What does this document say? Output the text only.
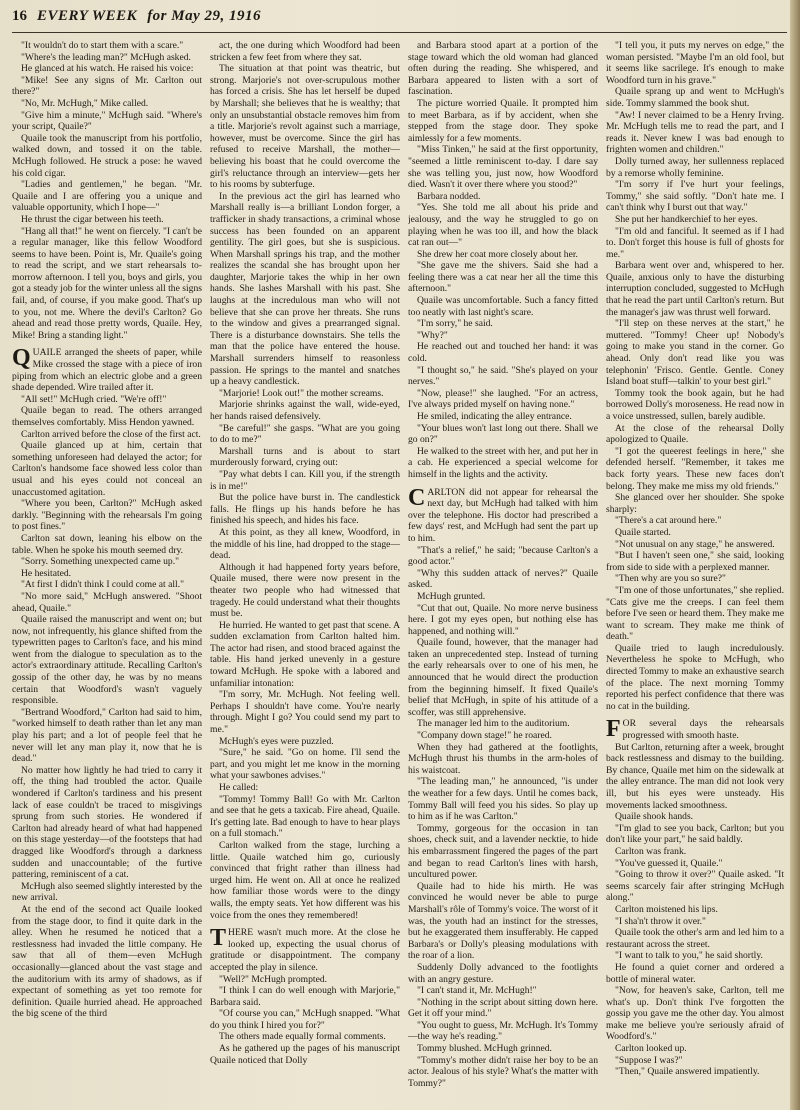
16 EVERY WEEK for May 29, 1916

"It wouldn't do to start them with a scare."

"Where's the leading man?" McHugh asked.

He glanced at his watch. He raised his voice:

"Mike! See any signs of Mr. Carlton out there?"

"No, Mr. McHugh," Mike called.

"Give him a minute," McHugh said. "Where's your script, Quaile?"

Quaile took the manuscript from his portfolio, walked down, and tossed it on the table. McHugh followed. He struck a pose: he waved his cold cigar.

"Ladies and gentlemen," he began. "Mr. Quaile and I are offering you a unique and valuable opportunity, which I hope—"

He thrust the cigar between his teeth.

"Hang all that!" he went on fiercely. "I can't be a regular manager, like this fellow Woodford seems to have been. Point is, Mr. Quaile's going to read the script, and we start rehearsals to-morrow afternoon. I tell you, boys and girls, you got a steady job for the winter unless all the signs fail, and, of course, if you make good. That's up to you, not me. Where the devil's Carlton? Go ahead and read those pretty words, Quaile. Hey, Mike! Bring a standing light."

QUAILE arranged the sheets of paper, while Mike crossed the stage with a piece of iron piping from which an electric globe and a green shade depended. Wire trailed after it.

"All set!" McHugh cried. "We're off!"

Quaile began to read. The others arranged themselves comfortably. Miss Hendon yawned.

Carlton arrived before the close of the first act.

Quaile glanced up at him, certain that something unforeseen had delayed the actor; for Carlton's handsome face showed less color than usual and his eyes could not conceal an unaccustomed agitation.

"Where you been, Carlton?" McHugh asked darkly. "Beginning with the rehearsals I'm going to post fines."

Carlton sat down, leaning his elbow on the table. When he spoke his mouth seemed dry.

"Sorry. Something unexpected came up."

He hesitated.

"At first I didn't think I could come at all."

"No more said," McHugh answered. "Shoot ahead, Quaile."

Quaile raised the manuscript and went on; but now, not infrequently, his glance shifted from the typewritten pages to Carlton's face, and his mind went from the dialogue to speculation as to the actor's extraordinary attitude. Recalling Carlton's gossip of the other day, he was by no means certain that Woodford's wasn't vaguely responsible.

"Bertrand Woodford," Carlton had said to him, "worked himself to death rather than let any man play his part; and a lot of people feel that he never will let any man play it, now that he is dead."

No matter how lightly he had tried to carry it off, the thing had troubled the actor. Quaile wondered if Carlton's tardiness and his present lack of ease couldn't be traced to misgivings sprung from such stories. He wondered if Carlton had already heard of what had happened on this stage yesterday—of the footsteps that had dragged like Woodford's through a darkness sudden and unaccountable; of the furtive pattering, reminiscent of a cat.

McHugh also seemed slightly interested by the new arrival.

At the end of the second act Quaile looked from the stage door, to find it quite dark in the alley. When he resumed he noticed that a restlessness had invaded the little company. He saw that all of them—even McHugh occasionally—glanced about the vast stage and the auditorium with its army of shadows, as if expectant of something as yet too remote for definition. Quaile hurried ahead. He approached the big scene of the third

act, the one during which Woodford had been stricken a few feet from where they sat.

The situation at that point was theatric, but strong. Marjorie's not over-scrupulous mother has forced a crisis. She has let herself be duped by Marshall; she believes that he is wealthy; that only an unsubstantial obstacle removes him from a title. Marjorie's revolt against such a marriage, however, must be overcome. Since the girl has refused to receive Marshall, the mother—believing his boast that he could overcome the girl's reluctance through an interview—gets her to his rooms by subterfuge.

In the previous act the girl has learned who Marshall really is—a brilliant London forger, a trafficker in shady transactions, a criminal whose success has been founded on an apparent gentility. The girl goes, but she is suspicious. When Marshall springs his trap, and the mother realizes the scandal she has brought upon her daughter, Marjorie takes the whip in her own hands. She lashes Marshall with his past. She laughs at the incredulous man who will not believe that she can prove her threats. She runs to the window and gives a prearranged signal. There is a disturbance downstairs. She tells the man that the police have entered the house. Marshall surrenders himself to reasonless passion. He springs to the mantel and snatches up a heavy candlestick.

"Marjorie! Look out!" the mother screams.

Marjorie shrinks against the wall, wide-eyed, her hands raised defensively.

"Be careful!" she gasps. "What are you going to do to me?"

Marshall turns and is about to start murderously forward, crying out:

"Pay what debts I can. Kill you, if the strength is in me!"

But the police have burst in. The candlestick falls. He flings up his hands before he has finished his speech, and hides his face.

At this point, as they all knew, Woodford, in the middle of his line, had dropped to the stage—dead.

Although it had happened forty years before, Quaile mused, there were now present in the theater two people who had witnessed that tragedy. He could understand what their thoughts must be.

He hurried. He wanted to get past that scene. A sudden exclamation from Carlton halted him. The actor had risen, and stood braced against the table. His hand jerked unevenly in a gesture toward McHugh. He spoke with a labored and unfamiliar intonation:

"I'm sorry, Mr. McHugh. Not feeling well. Perhaps I shouldn't have come. You're nearly through. Might I go? You could send my part to me."

McHugh's eyes were puzzled.

"Sure," he said. "Go on home. I'll send the part, and you might let me know in the morning what your sawbones advises."

He called:

"Tommy! Tommy Ball! Go with Mr. Carlton and see that he gets a taxicab. Fire ahead, Quaile. It's getting late. Bad enough to have to hear plays on a full stomach."

Carlton walked from the stage, lurching a little. Quaile watched him go, curiously convinced that fright rather than illness had urged him. He went on. All at once he realized how familiar those words were to the dingy walls, the empty seats. Yet how different was his voice from the ones they remembered!

THERE wasn't much more. At the close he looked up, expecting the usual chorus of gratitude or disappointment. The company accepted the play in silence.

"Well?" McHugh prompted.

"I think I can do well enough with Marjorie," Barbara said.

"Of course you can," McHugh snapped. "What do you think I hired you for?"

The others made equally formal comments.

As he gathered up the pages of his manuscript Quaile noticed that Dolly

and Barbara stood apart at a portion of the stage toward which the old woman had glanced often during the reading. She whispered, and Barbara appeared to listen with a sort of fascination.

The picture worried Quaile. It prompted him to meet Barbara, as if by accident, when she stepped from the stage door. They spoke aimlessly for a few moments.

"Miss Tinken," he said at the first opportunity, "seemed a little reminiscent to-day. I dare say she was telling you, just now, how Woodford died. Wasn't it over there where you stood?"

Barbara nodded.

"Yes. She told me all about his pride and jealousy, and the way he struggled to go on playing when he was too ill, and how the black cat ran out—"

She drew her coat more closely about her.

"She gave me the shivers. Said she had a feeling there was a cat near her all the time this afternoon."

Quaile was uncomfortable. Such a fancy fitted too neatly with last night's scare.

"I'm sorry," he said.

"Why?"

He reached out and touched her hand: it was cold.

"I thought so," he said. "She's played on your nerves."

"Now, please!" she laughed. "For an actress, I've always prided myself on having none."

He smiled, indicating the alley entrance.

"Your blues won't last long out there. Shall we go on?"

He walked to the street with her, and put her in a cab. He experienced a special welcome for himself in the lights and the activity.

CARLTON did not appear for rehearsal the next day, but McHugh had talked with him over the telephone. His doctor had prescribed a few days' rest, and McHugh had sent the part up to him.

"That's a relief," he said; "because Carlton's a good actor."

"Why this sudden attack of nerves?" Quaile asked.

McHugh grunted.

"Cut that out, Quaile. No more nerve business here. I got my eyes open, but nothing else has happened, and nothing will."

Quaile found, however, that the manager had taken an unprecedented step. Instead of turning the early rehearsals over to one of his men, he announced that he would direct the production from the beginning himself. It fixed Quaile's belief that McHugh, in spite of his attitude of a scoffer, was still apprehensive.

The manager led him to the auditorium.

"Company down stage!" he roared.

When they had gathered at the footlights, McHugh thrust his thumbs in the arm-holes of his waistcoat.

"The leading man," he announced, "is under the weather for a few days. Until he comes back, Tommy Ball will feed you his sides. So play up to him as if he was Carlton."

Tommy, gorgeous for the occasion in tan shoes, check suit, and a lavender necktie, to hide his embarrassment fingered the pages of the part and began to read Carlton's lines with harsh, uncultured power.

Quaile had to hide his mirth. He was convinced he would never be able to purge Marshall's rôle of Tommy's voice. The worst of it was, the youth had an instinct for the stresses, but he exaggerated them insufferably. He capped Barbara's or Dolly's pleasing modulations with the roar of a lion.

Suddenly Dolly advanced to the footlights with an angry gesture.

"I can't stand it, Mr. McHugh!"

"Nothing in the script about sitting down here. Get it off your mind."

"You ought to guess, Mr. McHugh. It's Tommy—the way he's reading."

Tommy blushed. McHugh grinned.

"Tommy's mother didn't raise her boy to be an actor. Jealous of his style? What's the matter with Tommy?"

"I tell you, it puts my nerves on edge," the woman persisted. "Maybe I'm an old fool, but it seems like sacrilege. It's enough to make Woodford turn in his grave."

Quaile sprang up and went to McHugh's side. Tommy slammed the book shut.

"Aw! I never claimed to be a Henry Irving. Mr. McHugh tells me to read the part, and I reads it. Never knew I was bad enough to frighten women and children."

Dolly turned away, her sullenness replaced by a remorse wholly feminine.

"I'm sorry if I've hurt your feelings, Tommy," she said softly. "Don't hate me. I can't think why I burst out that way."

She put her handkerchief to her eyes.

"I'm old and fanciful. It seemed as if I had to. Don't forget this house is full of ghosts for me."

Barbara went over and, whispered to her. Quaile, anxious only to have the disturbing interruption concluded, suggested to McHugh that he read the part until Carlton's return. But the manager's jaw was thrust well forward.

"I'll step on these nerves at the start," he muttered. "Tommy! Cheer up! Nobody's going to make you stand in the corner. Go ahead. Only don't read like you was telephonin' 'Frisco. Gentle. Gentle. Coney Island boat stuff—talkin' to your best girl."

Tommy took the book again, but he had borrowed Dolly's moroseness. He read now in a voice unstressed, sullen, barely audible.

At the close of the rehearsal Dolly apologized to Quaile.

"I got the queerest feelings in here," she defended herself. "Remember, it takes me back forty years. These new faces don't belong. They make me miss my old friends."

She glanced over her shoulder. She spoke sharply:

"There's a cat around here."

Quaile started.

"Not unusual on any stage," he answered.

"But I haven't seen one," she said, looking from side to side with a perplexed manner.

"Then why are you so sure?"

"I'm one of those unfortunates," she replied. "Cats give me the creeps. I can feel them before I've seen or heard them. They make me want to scream. They make me think of death."

Quaile tried to laugh incredulously. Nevertheless he spoke to McHugh, who directed Tommy to make an exhaustive search of the place. The next morning Tommy reported his perfect confidence that there was no cat in the building.

FOR several days the rehearsals progressed with smooth haste.

But Carlton, returning after a week, brought back restlessness and dismay to the building. By chance, Quaile met him on the sidewalk at the alley entrance. The man did not look very ill, but his eyes were unsteady. His movements lacked smoothness.

Quaile shook hands.

"I'm glad to see you back, Carlton; but you don't like your part," he said baldly.

Carlton was frank.

"You've guessed it, Quaile."

"Going to throw it over?" Quaile asked. "It seems scarcely fair after stringing McHugh along."

Carlton moistened his lips.

"I sha'n't throw it over."

Quaile took the other's arm and led him to a restaurant across the street.

"I want to talk to you," he said shortly.

He found a quiet corner and ordered a bottle of mineral water.

"Now, for heaven's sake, Carlton, tell me what's up. Don't think I've forgotten the gossip you gave me the other day. You almost make me believe you're seriously afraid of Woodford's."

Carlton looked up.

"Suppose I was?"

"Then," Quaile answered impatiently.
